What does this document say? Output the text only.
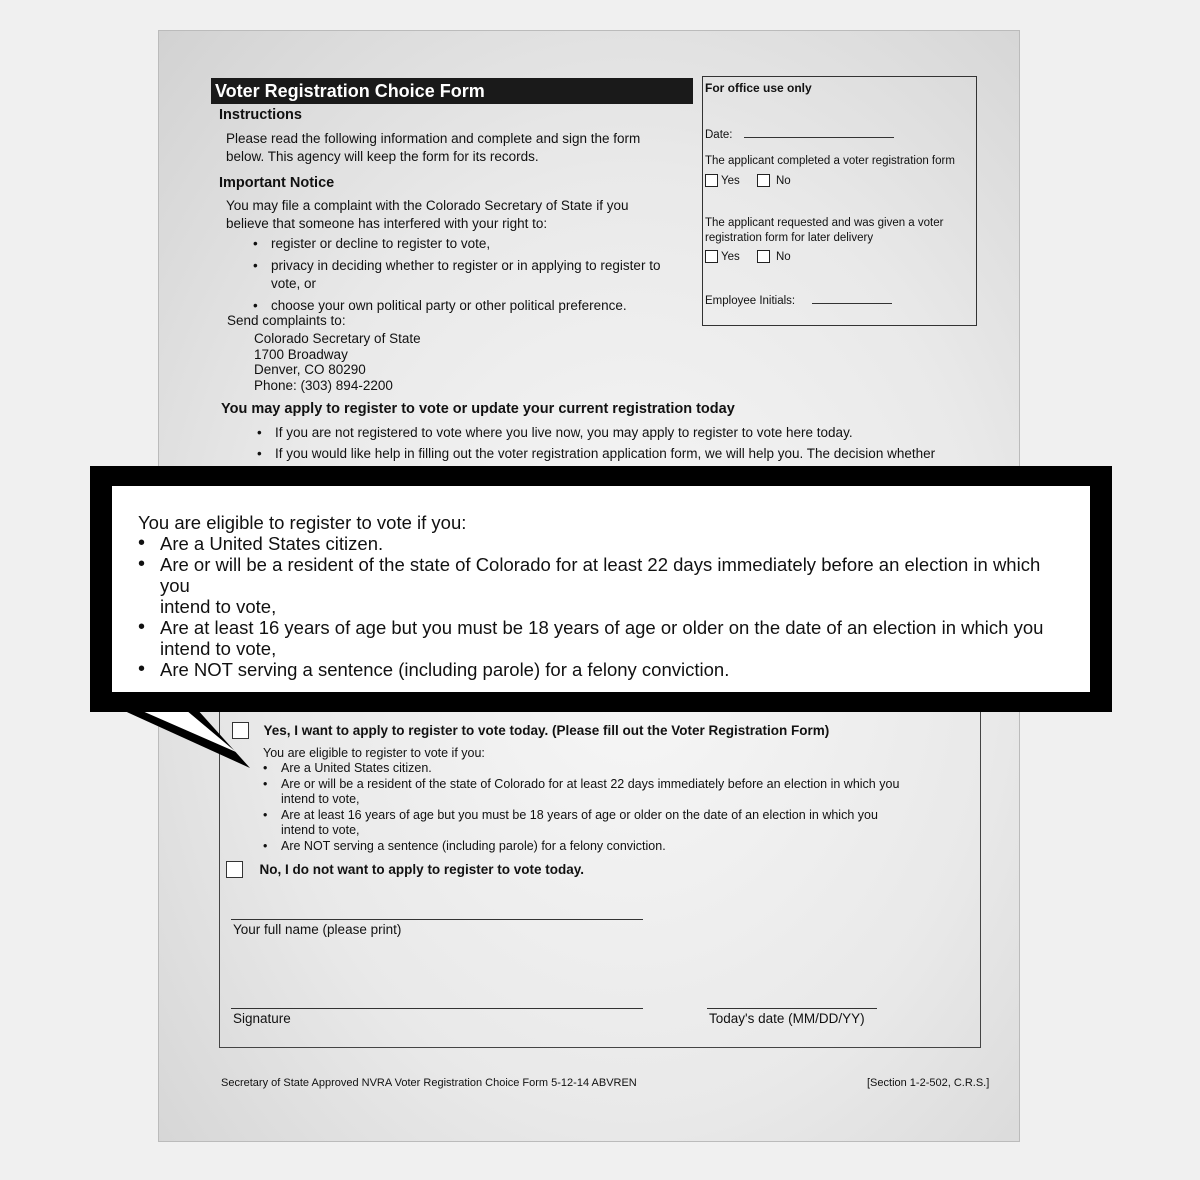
Voter Registration Choice Form
Instructions
Please read the following information and complete and sign the form
below. This agency will keep the form for its records.
Important Notice
You may file a complaint with the Colorado Secretary of State if you
believe that someone has interfered with your right to:
• register or decline to register to vote,
• privacy in deciding whether to register or in applying to register to
vote, or
• choose your own political party or other political preference.
Send complaints to:
Colorado Secretary of State
1700 Broadway
Denver, CO 80290
Phone: (303) 894-2200
You may apply to register to vote or update your current registration today
• If you are not registered to vote where you live now, you may apply to register to vote here today.
• If you would like help in filling out the voter registration application form, we will help you. The decision whether

For office use only
Date:
The applicant completed a voter registration form
Yes	No
The applicant requested and was given a voter
registration form for later delivery
Yes	No
Employee Initials:
Yes, I want to apply to register to vote today. (Please fill out the Voter Registration Form)
You are eligible to register to vote if you:
• Are a United States citizen.
• Are or will be a resident of the state of Colorado for at least 22 days immediately before an election in which you
intend to vote,
• Are at least 16 years of age but you must be 18 years of age or older on the date of an election in which you
intend to vote,
• Are NOT serving a sentence (including parole) for a felony conviction.
No, I do not want to apply to register to vote today.
Your full name (please print)
Signature	Today's date (MM/DD/YY)
Secretary of State Approved NVRA Voter Registration Choice Form 5-12-14 ABVREN	[Section 1-2-502, C.R.S.]
You are eligible to register to vote if you:
• Are a United States citizen.
• Are or will be a resident of the state of Colorado for at least 22 days immediately before an election in which you
intend to vote,
• Are at least 16 years of age but you must be 18 years of age or older on the date of an election in which you
intend to vote,
• Are NOT serving a sentence (including parole) for a felony conviction.
